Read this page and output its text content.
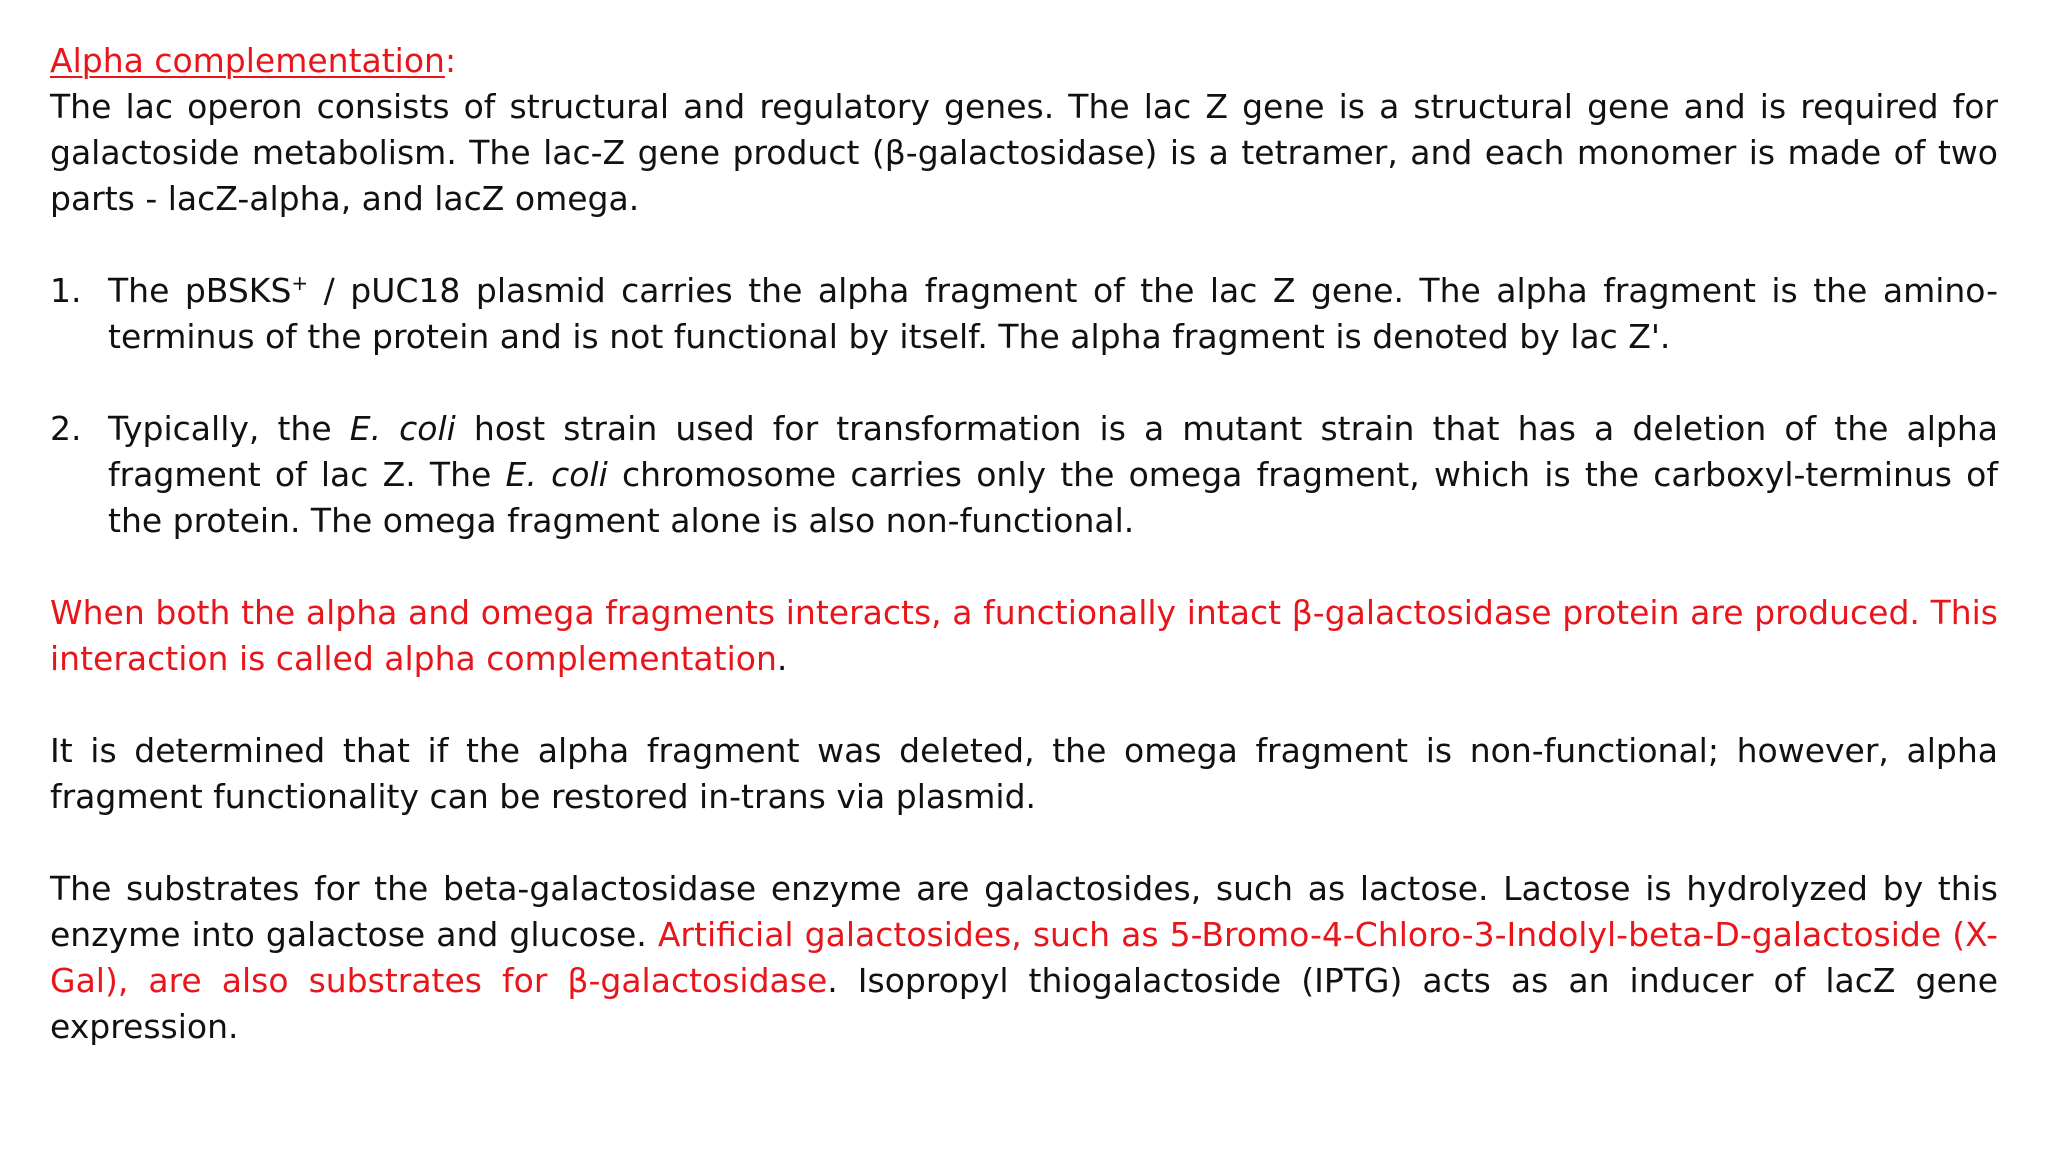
Alpha complementation:
The lac operon consists of structural and regulatory genes. The lac Z gene is a structural gene and is required for galactoside metabolism. The lac-Z gene product (β-galactosidase) is a tetramer, and each monomer is made of two parts - lacZ-alpha, and lacZ omega.
1. The pBSKS+ / pUC18 plasmid carries the alpha fragment of the lac Z gene. The alpha fragment is the amino-terminus of the protein and is not functional by itself. The alpha fragment is denoted by lac Z'.
2. Typically, the E. coli host strain used for transformation is a mutant strain that has a deletion of the alpha fragment of lac Z. The E. coli chromosome carries only the omega fragment, which is the carboxyl-terminus of the protein. The omega fragment alone is also non-functional.
When both the alpha and omega fragments interacts, a functionally intact β-galactosidase protein are produced. This interaction is called alpha complementation.
It is determined that if the alpha fragment was deleted, the omega fragment is non-functional; however, alpha fragment functionality can be restored in-trans via plasmid.
The substrates for the beta-galactosidase enzyme are galactosides, such as lactose. Lactose is hydrolyzed by this enzyme into galactose and glucose. Artificial galactosides, such as 5-Bromo-4-Chloro-3-Indolyl-beta-D-galactoside (X-Gal), are also substrates for β-galactosidase. Isopropyl thiogalactoside (IPTG) acts as an inducer of lacZ gene expression.
